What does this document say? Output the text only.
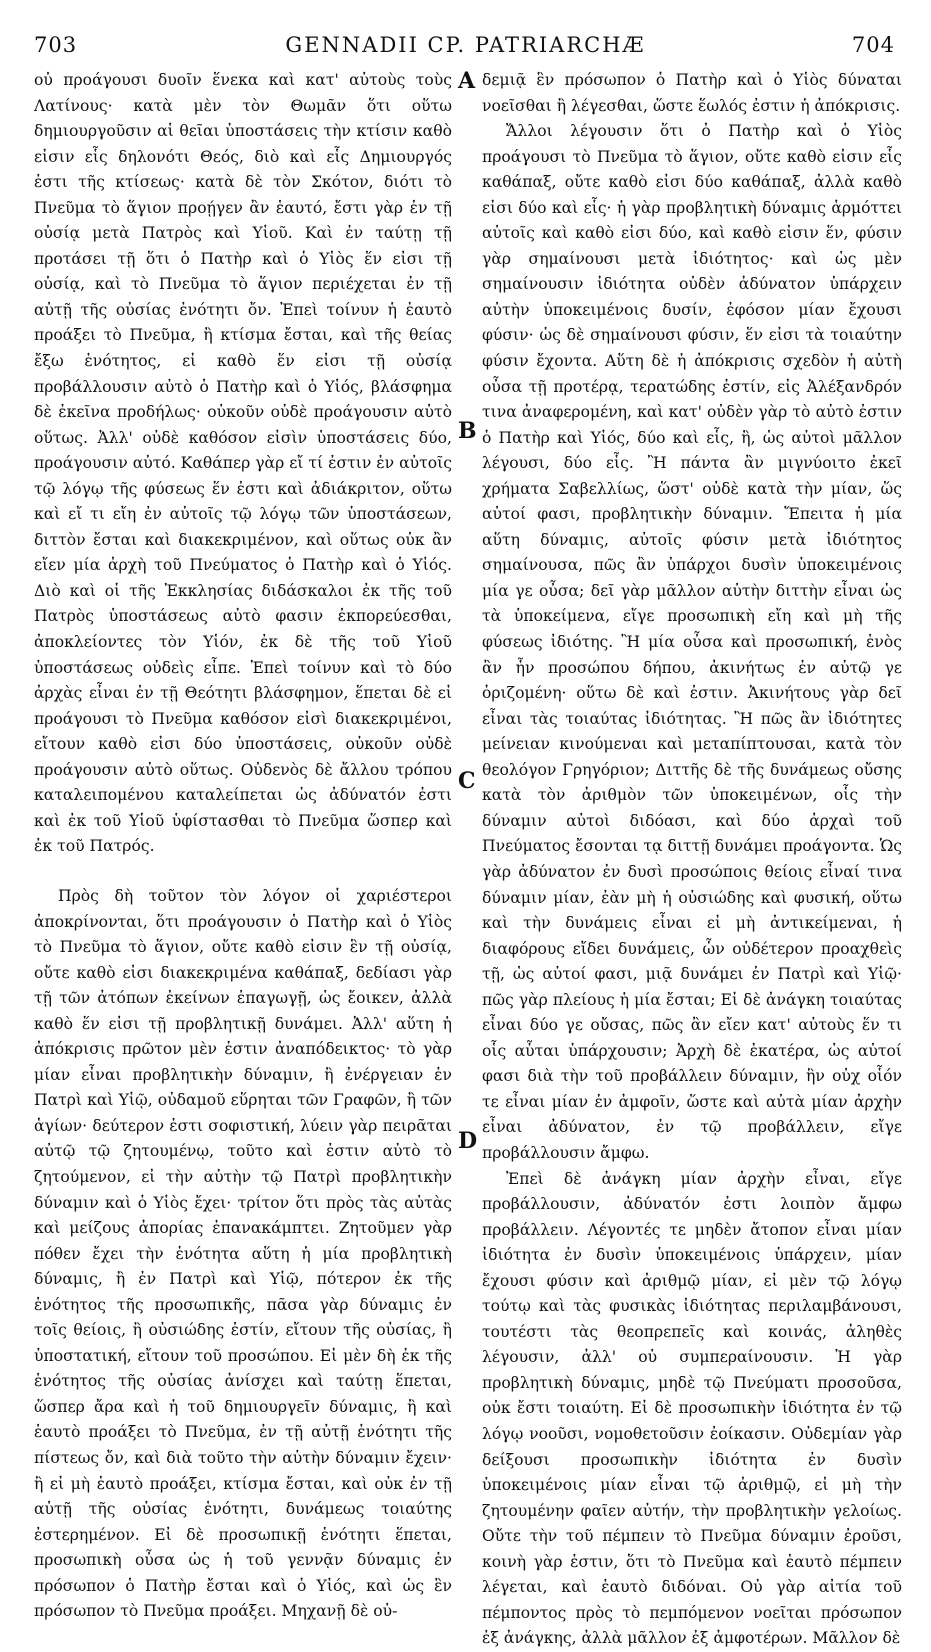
703	GENNADII CP. PATRIARCHÆ	704

οὐ προάγουσι δυοῖν ἕνεκα καὶ κατ' αὐτοὺς τοὺς Λατίνους· κατὰ μὲν τὸν Θωμᾶν ὅτι οὕτω δημιουργοῦσιν αἱ θεῖαι ὑποστάσεις τὴν κτίσιν καθὸ εἰσιν εἷς δηλονότι Θεός, διὸ καὶ εἷς Δημιουργός ἐστι τῆς κτίσεως· κατὰ δὲ τὸν Σκότον, διότι τὸ Πνεῦμα τὸ ἅγιον προῄγεν ἂν ἑαυτό, ἔστι γὰρ ἐν τῇ οὐσίᾳ μετὰ Πατρὸς καὶ Υἱοῦ. Καὶ ἐν ταύτῃ τῇ προτάσει τῇ ὅτι ὁ Πατὴρ καὶ ὁ Υἱὸς ἕν εἰσι τῇ οὐσίᾳ, καὶ τὸ Πνεῦμα τὸ ἅγιον περιέχεται ἐν τῇ αὐτῇ τῆς οὐσίας ἑνότητι ὄν. Ἐπεὶ τοίνυν ἡ ἑαυτὸ προάξει τὸ Πνεῦμα, ἢ κτίσμα ἔσται, καὶ τῆς θείας ἔξω ἑνότητος, εἰ καθὸ ἕν εἰσι τῇ οὐσίᾳ προβάλλουσιν αὐτὸ ὁ Πατὴρ καὶ ὁ Υἱός, βλάσφημα δὲ ἐκεῖνα προδήλως· οὐκοῦν οὐδὲ προάγουσιν αὐτὸ οὕτως. Ἀλλ' οὐδὲ καθόσον εἰσὶν ὑποστάσεις δύο, προάγουσιν αὐτό. Καθάπερ γὰρ εἴ τί ἐστιν ἐν αὐτοῖς τῷ λόγῳ τῆς φύσεως ἕν ἐστι καὶ ἀδιάκριτον, οὕτω καὶ εἴ τι εἴη ἐν αὐτοῖς τῷ λόγῳ τῶν ὑποστάσεων, διττὸν ἔσται καὶ διακεκριμένον, καὶ οὕτως οὐκ ἂν εἴεν μία ἀρχὴ τοῦ Πνεύματος ὁ Πατὴρ καὶ ὁ Υἱός. Διὸ καὶ οἱ τῆς Ἐκκλησίας διδάσκαλοι ἐκ τῆς τοῦ Πατρὸς ὑποστάσεως αὐτὸ φασιν ἐκπορεύεσθαι, ἀποκλείοντες τὸν Υἱόν, ἐκ δὲ τῆς τοῦ Υἱοῦ ὑποστάσεως οὐδεὶς εἶπε. Ἐπεὶ τοίνυν καὶ τὸ δύο ἀρχὰς εἶναι ἐν τῇ Θεότητι βλάσφημον, ἕπεται δὲ εἰ προάγουσι τὸ Πνεῦμα καθόσον εἰσὶ διακεκριμένοι, εἴτουν καθὸ εἰσι δύο ὑποστάσεις, οὐκοῦν οὐδὲ προάγουσιν αὐτὸ οὕτως. Οὐδενὸς δὲ ἄλλου τρόπου καταλειπομένου καταλείπεται ὡς ἀδύνατόν ἐστι καὶ ἐκ τοῦ Υἱοῦ ὑφίστασθαι τὸ Πνεῦμα ὥσπερ καὶ ἐκ τοῦ Πατρός.

Πρὸς δὴ τοῦτον τὸν λόγον οἱ χαριέστεροι ἀποκρίνονται, ὅτι προάγουσιν ὁ Πατὴρ καὶ ὁ Υἱὸς τὸ Πνεῦμα τὸ ἅγιον, οὔτε καθὸ εἰσιν ἓν τῇ οὐσίᾳ, οὔτε καθὸ εἰσι διακεκριμένα καθάπαξ, δεδίασι γὰρ τῇ τῶν ἀτόπων ἐκείνων ἐπαγωγῇ, ὡς ἔοικεν, ἀλλὰ καθὸ ἕν εἰσι τῇ προβλητικῇ δυνάμει. Ἀλλ' αὕτη ἡ ἀπόκρισις πρῶτον μὲν ἐστιν ἀναπόδεικτος· τὸ γὰρ μίαν εἶναι προβλητικὴν δύναμιν, ἢ ἐνέργειαν ἐν Πατρὶ καὶ Υἱῷ, οὐδαμοῦ εὕρηται τῶν Γραφῶν, ἢ τῶν ἁγίων· δεύτερον ἐστι σοφιστική, λύειν γὰρ πειρᾶται αὐτῷ τῷ ζητουμένῳ, τοῦτο καὶ ἐστιν αὐτὸ τὸ ζητούμενον, εἰ τὴν αὐτὴν τῷ Πατρὶ προβλητικὴν δύναμιν καὶ ὁ Υἱὸς ἔχει· τρίτον ὅτι πρὸς τὰς αὐτὰς καὶ μείζους ἀπορίας ἐπανακάμπτει. Ζητοῦμεν γὰρ πόθεν ἔχει τὴν ἑνότητα αὕτη ἡ μία προβλητικὴ δύναμις, ἢ ἐν Πατρὶ καὶ Υἱῷ, πότερον ἐκ τῆς ἑνότητος τῆς προσωπικῆς, πᾶσα γὰρ δύναμις ἐν τοῖς θείοις, ἢ οὐσιώδης ἐστίν, εἴτουν τῆς οὐσίας, ἢ ὑποστατική, εἴτουν τοῦ προσώπου. Εἰ μὲν δὴ ἐκ τῆς ἑνότητος τῆς οὐσίας ἀνίσχει καὶ ταύτῃ ἕπεται, ὥσπερ ἄρα καὶ ἡ τοῦ δημιουργεῖν δύναμις, ἢ καὶ ἑαυτὸ προάξει τὸ Πνεῦμα, ἐν τῇ αὐτῇ ἑνότητι τῆς πίστεως ὄν, καὶ διὰ τοῦτο τὴν αὐτὴν δύναμιν ἔχειν· ἢ εἰ μὴ ἑαυτὸ προάξει, κτίσμα ἔσται, καὶ οὐκ ἐν τῇ αὐτῇ τῆς οὐσίας ἑνότητι, δυνάμεως τοιαύτης ἐστερημένον. Εἰ δὲ προσωπικῇ ἑνότητι ἕπεται, προσωπικὴ οὖσα ὡς ἡ τοῦ γεννᾷν δύναμις ἐν πρόσωπον ὁ Πατὴρ ἔσται καὶ ὁ Υἱός, καὶ ὡς ἓν πρόσωπον τὸ Πνεῦμα προάξει. Μηχανῇ δὲ οὐ-

A
B
C
D

δεμιᾷ ἓν πρόσωπον ὁ Πατὴρ καὶ ὁ Υἱὸς δύναται νοεῖσθαι ἢ λέγεσθαι, ὥστε ἕωλός ἐστιν ἡ ἀπόκρισις.

Ἄλλοι λέγουσιν ὅτι ὁ Πατὴρ καὶ ὁ Υἱὸς προάγουσι τὸ Πνεῦμα τὸ ἅγιον, οὔτε καθὸ εἰσιν εἷς καθάπαξ, οὔτε καθὸ εἰσι δύο καθάπαξ, ἀλλὰ καθὸ εἰσι δύο καὶ εἷς· ἡ γὰρ προβλητικὴ δύναμις ἁρμόττει αὐτοῖς καὶ καθὸ εἰσι δύο, καὶ καθὸ εἰσιν ἕν, φύσιν γὰρ σημαίνουσι μετὰ ἰδιότητος· καὶ ὡς μὲν σημαίνουσιν ἰδιότητα οὐδὲν ἀδύνατον ὑπάρχειν αὐτὴν ὑποκειμένοις δυσίν, ἐφόσον μίαν ἔχουσι φύσιν· ὡς δὲ σημαίνουσι φύσιν, ἕν εἰσι τὰ τοιαύτην φύσιν ἔχοντα. Αὕτη δὲ ἡ ἀπόκρισις σχεδὸν ἡ αὐτὴ οὖσα τῇ προτέρᾳ, τερατώδης ἐστίν, εἰς Ἀλέξανδρόν τινα ἀναφερομένη, καὶ κατ' οὐδὲν γὰρ τὸ αὐτὸ ἐστιν ὁ Πατὴρ καὶ Υἱός, δύο καὶ εἷς, ἢ, ὡς αὐτοὶ μᾶλλον λέγουσι, δύο εἷς. Ἢ πάντα ἂν μιγνύοιτο ἐκεῖ χρήματα Σαβελλίως, ὥστ' οὐδὲ κατὰ τὴν μίαν, ὥς αὐτοί φασι, προβλητικὴν δύναμιν. Ἔπειτα ἡ μία αὕτη δύναμις, αὐτοῖς φύσιν μετὰ ἰδιότητος σημαίνουσα, πῶς ἂν ὑπάρχοι δυσὶν ὑποκειμένοις μία γε οὖσα; δεῖ γὰρ μᾶλλον αὐτὴν διττὴν εἶναι ὡς τὰ ὑποκείμενα, εἴγε προσωπικὴ εἴη καὶ μὴ τῆς φύσεως ἰδιότης. Ἢ μία οὖσα καὶ προσωπική, ἑνὸς ἂν ἦν προσώπου δήπου, ἀκινήτως ἐν αὐτῷ γε ὁριζομένη· οὕτω δὲ καὶ ἐστιν. Ἀκινήτους γὰρ δεῖ εἶναι τὰς τοιαύτας ἰδιότητας. Ἢ πῶς ἂν ἰδιότητες μείνειαν κινούμεναι καὶ μεταπίπτουσαι, κατὰ τὸν θεολόγον Γρηγόριον; Διττῆς δὲ τῆς δυνάμεως οὔσης κατὰ τὸν ἀριθμὸν τῶν ὑποκειμένων, οἷς τὴν δύναμιν αὐτοὶ διδόασι, καὶ δύο ἀρχαὶ τοῦ Πνεύματος ἔσονται τᾳ διττῇ δυνάμει προάγοντα. Ὡς γὰρ ἀδύνατον ἐν δυσὶ προσώποις θείοις εἶναί τινα δύναμιν μίαν, ἐὰν μὴ ἡ οὐσιώδης καὶ φυσική, οὕτω καὶ τὴν δυνάμεις εἶναι εἰ μὴ ἀντικείμεναι, ἡ διαφόρους εἴδει δυνάμεις, ὧν οὐδέτερον προαχθεὶς τῇ, ὡς αὐτοί φασι, μιᾷ δυνάμει ἐν Πατρὶ καὶ Υἱῷ· πῶς γὰρ πλείους ἡ μία ἔσται; Εἰ δὲ ἀνάγκη τοιαύτας εἶναι δύο γε οὔσας, πῶς ἂν εἴεν κατ' αὐτοὺς ἕν τι οἷς αὗται ὑπάρχουσιν; Ἀρχὴ δὲ ἑκατέρα, ὡς αὐτοί φασι διὰ τὴν τοῦ προβάλλειν δύναμιν, ἣν οὐχ οἷόν τε εἶναι μίαν ἐν ἀμφοῖν, ὥστε καὶ αὐτὰ μίαν ἀρχὴν εἶναι ἀδύνατον, ἐν τῷ προβάλλειν, εἴγε προβάλλουσιν ἄμφω.

Ἐπεὶ δὲ ἀνάγκη μίαν ἀρχὴν εἶναι, εἴγε προβάλλουσιν, ἀδύνατόν ἐστι λοιπὸν ἄμφω προβάλλειν. Λέγοντές τε μηδὲν ἄτοπον εἶναι μίαν ἰδιότητα ἐν δυσὶν ὑποκειμένοις ὑπάρχειν, μίαν ἔχουσι φύσιν καὶ ἀριθμῷ μίαν, εἰ μὲν τῷ λόγῳ τούτῳ καὶ τὰς φυσικὰς ἰδιότητας περιλαμβάνουσι, τουτέστι τὰς θεοπρεπεῖς καὶ κοινάς, ἀληθὲς λέγουσιν, ἀλλ' οὐ συμπεραίνουσιν. Ἡ γὰρ προβλητικὴ δύναμις, μηδὲ τῷ Πνεύματι προσοῦσα, οὐκ ἔστι τοιαύτη. Εἰ δὲ προσωπικὴν ἰδιότητα ἐν τῷ λόγῳ νοοῦσι, νομοθετοῦσιν ἐοίκασιν. Οὐδεμίαν γὰρ δείξουσι προσωπικὴν ἰδιότητα ἐν δυσὶν ὑποκειμένοις μίαν εἶναι τῷ ἀριθμῷ, εἰ μὴ τὴν ζητουμένην φαῖεν αὐτήν, τὴν προβλητικὴν γελοίως. Οὔτε τὴν τοῦ πέμπειν τὸ Πνεῦμα δύναμιν ἐροῦσι, κοινὴ γὰρ ἐστιν, ὅτι τὸ Πνεῦμα καὶ ἑαυτὸ πέμπειν λέγεται, καὶ ἑαυτὸ διδόναι. Οὐ γὰρ αἰτία τοῦ πέμποντος πρὸς τὸ πεμπόμενον νοεῖται πρόσωπον ἐξ ἀνάγκης, ἀλλὰ μᾶλλον ἐξ ἀμφοτέρων. Μᾶλλον δὲ
